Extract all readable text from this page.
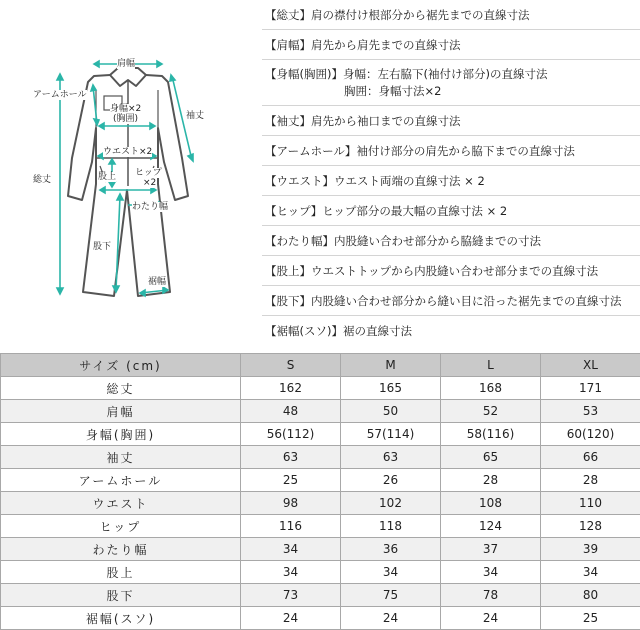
肩幅
アームホール
身幅×2
(胸囲)	袖丈
ウエスト×2
総丈	股上 ヒップ
×2
わたり幅
股下
裾幅
【総丈】肩の襟付け根部分から裾先までの直線寸法
【肩幅】肩先から肩先までの直線寸法
【身幅(胸囲)】身幅：左右脇下(袖付け部分)の直線寸法
胸囲：身幅寸法×2
【袖丈】肩先から袖口までの直線寸法
【アームホール】袖付け部分の肩先から脇下までの直線寸法
【ウエスト】ウエスト両端の直線寸法 × 2
【ヒップ】ヒップ部分の最大幅の直線寸法 × 2
【わたり幅】内股縫い合わせ部分から脇縫までの寸法
【股上】ウエストトップから内股縫い合わせ部分までの直線寸法
【股下】内股縫い合わせ部分から縫い目に沿った裾先までの直線寸法
【裾幅(スソ)】裾の直線寸法
サイズ (cm)	S	M	L	XL
総丈	162	165	168	171
肩幅	48	50	52	53
身幅(胸囲)	56(112)	57(114)	58(116)	60(120)
袖丈	63	63	65	66
アームホール	25	26	28	28
ウエスト	98	102	108	110
ヒップ	116	118	124	128
わたり幅	34	36	37	39
股上	34	34	34	34
股下	73	75	78	80
裾幅(スソ)	24	24	24	25
